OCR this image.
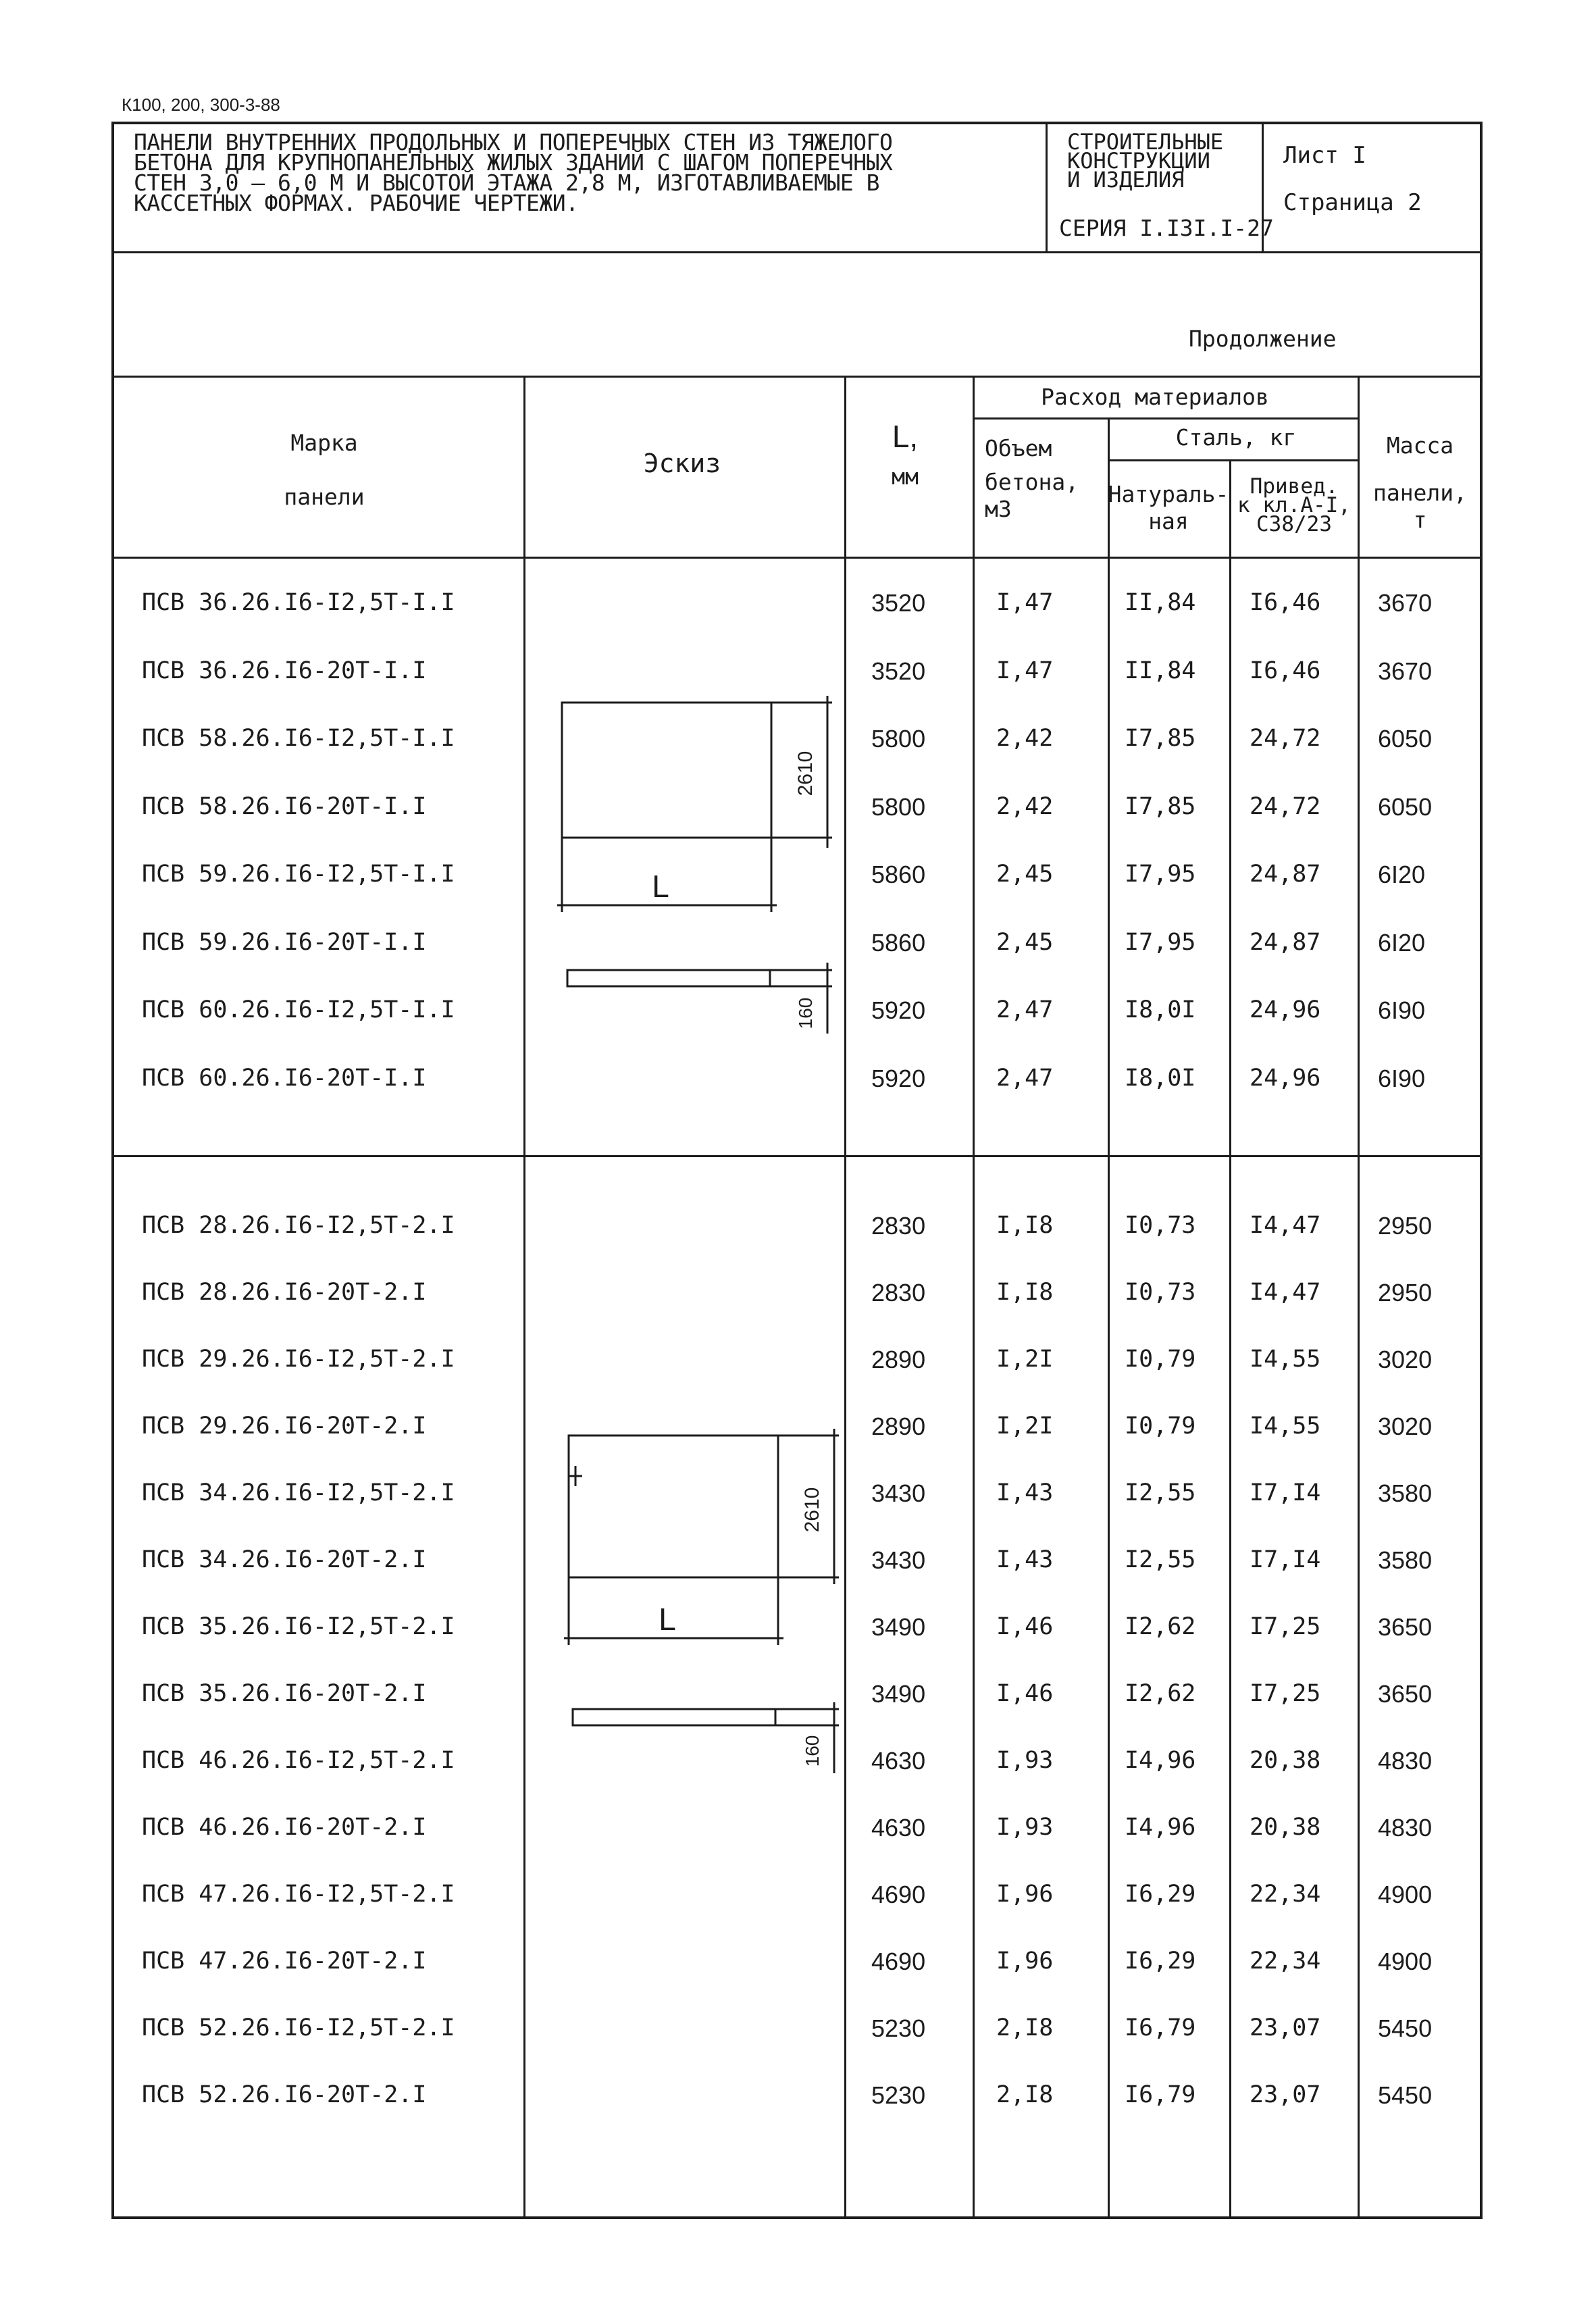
К100, 200, 300-3-88
ПАНЕЛИ ВНУТРЕННИХ ПРОДОЛЬНЫХ И ПОПЕРЕЧНЫХ СТЕН ИЗ ТЯЖЕЛОГО
БЕТОНА ДЛЯ КРУПНОПАНЕЛЬНЫХ ЖИЛЫХ ЗДАНИЙ С ШАГОМ ПОПЕРЕЧНЫХ
СТЕН 3,0 – 6,0 М И ВЫСОТОЙ ЭТАЖА 2,8 М, ИЗГОТАВЛИВАЕМЫЕ В
КАССЕТНЫХ ФОРМАХ. РАБОЧИЕ ЧЕРТЕЖИ.
СТРОИТЕЛЬНЫЕ
КОНСТРУКЦИИ
И ИЗДЕЛИЯ
СЕРИЯ I.I3I.I-27
Лист I
Страница 2
Продолжение
Марка
панели
Эскиз
L,
мм
Расход материалов
Объем
бетона,
м3
Сталь, кг
Натураль-
ная
Привед.
к кл.А-I,
С38/23
Масса
панели,
т
2610
L
160
2610
L
160
ПСВ 36.26.I6-I2,5Т-I.I	3520	I,47	II,84 I6,46 3670
ПСВ 36.26.I6-20Т-I.I	3520	I,47	II,84 I6,46 3670
ПСВ 58.26.I6-I2,5Т-I.I	5800	2,42	I7,85 24,72 6050
ПСВ 58.26.I6-20Т-I.I	5800	2,42	I7,85 24,72 6050
ПСВ 59.26.I6-I2,5Т-I.I	5860	2,45	I7,95 24,87 6I20
ПСВ 59.26.I6-20Т-I.I	5860	2,45	I7,95 24,87 6I20
ПСВ 60.26.I6-I2,5Т-I.I	5920	2,47	I8,0I 24,96 6I90
ПСВ 60.26.I6-20Т-I.I	5920	2,47	I8,0I 24,96 6I90
ПСВ 28.26.I6-I2,5Т-2.I	2830	I,I8	I0,73 I4,47 2950
ПСВ 28.26.I6-20Т-2.I	2830	I,I8	I0,73 I4,47 2950
ПСВ 29.26.I6-I2,5Т-2.I	2890	I,2I	I0,79 I4,55 3020
ПСВ 29.26.I6-20Т-2.I	2890	I,2I	I0,79 I4,55 3020
ПСВ 34.26.I6-I2,5Т-2.I	3430	I,43	I2,55 I7,I4 3580
ПСВ 34.26.I6-20Т-2.I	3430	I,43	I2,55 I7,I4 3580
ПСВ 35.26.I6-I2,5Т-2.I	3490	I,46	I2,62 I7,25 3650
ПСВ 35.26.I6-20Т-2.I	3490	I,46	I2,62 I7,25 3650
ПСВ 46.26.I6-I2,5Т-2.I	4630	I,93	I4,96 20,38 4830
ПСВ 46.26.I6-20Т-2.I	4630	I,93	I4,96 20,38 4830
ПСВ 47.26.I6-I2,5Т-2.I	4690	I,96	I6,29 22,34 4900
ПСВ 47.26.I6-20Т-2.I	4690	I,96	I6,29 22,34 4900
ПСВ 52.26.I6-I2,5Т-2.I	5230	2,I8	I6,79 23,07 5450
ПСВ 52.26.I6-20Т-2.I	5230	2,I8	I6,79 23,07 5450
